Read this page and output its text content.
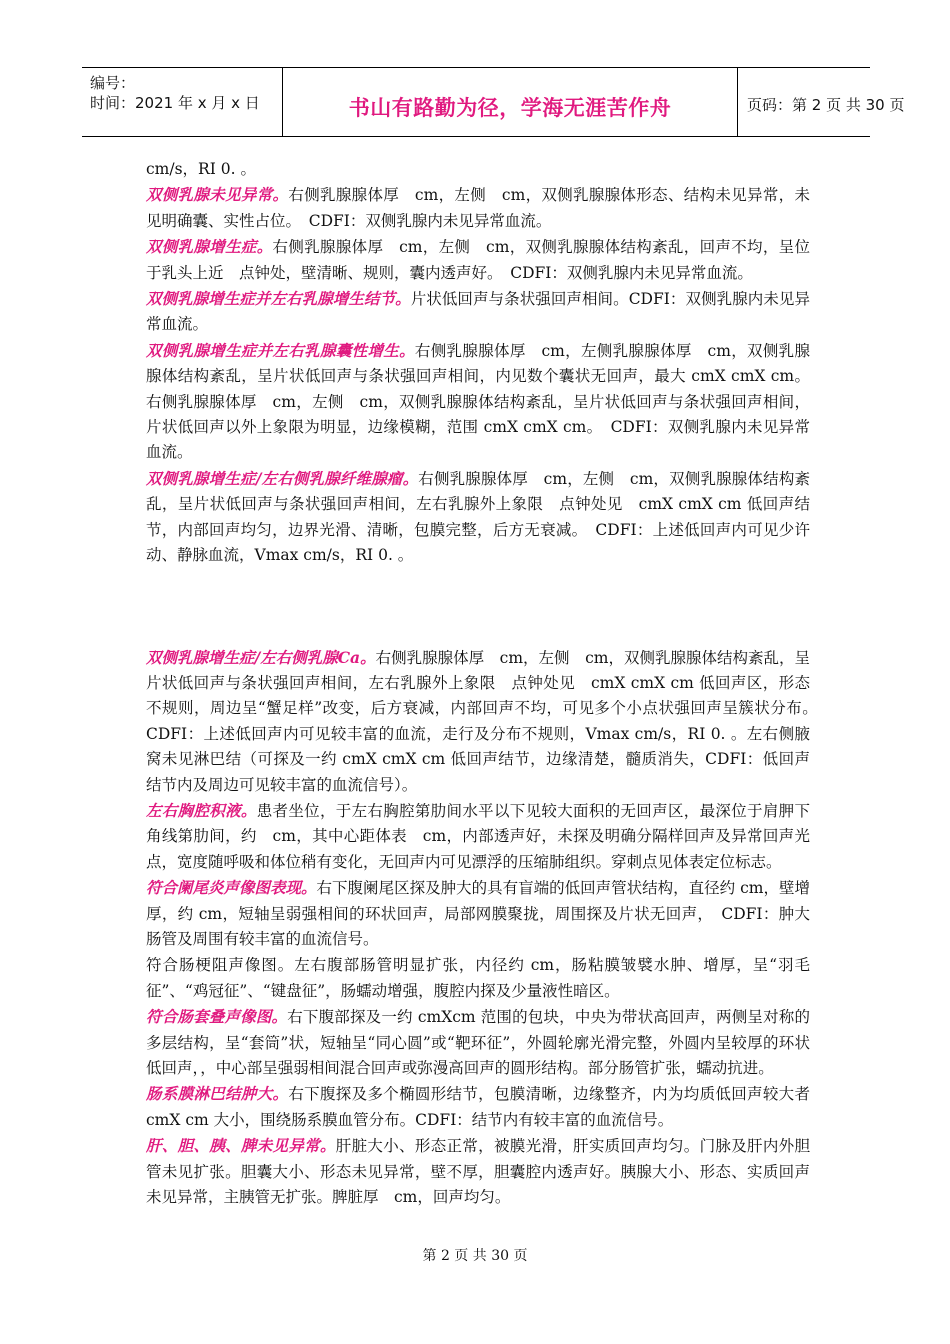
编号：
时间：2021 年 x 月 x 日	书山有路勤为径，学海无涯苦作舟	页码：第 2 页 共 30 页

cm/s，RI 0. 。

双侧乳腺未见异常。右侧乳腺腺体厚　cm，左侧　cm，双侧乳腺腺体形态、结构未见异常，未见明确囊、实性占位。　CDFI：双侧乳腺内未见异常血流。

双侧乳腺增生症。右侧乳腺腺体厚　cm，左侧　cm，双侧乳腺腺体结构紊乱，回声不均，呈位于乳头上近　点钟处，壁清晰、规则，囊内透声好。　CDFI：双侧乳腺内未见异常血流。

双侧乳腺增生症并左右乳腺增生结节。片状低回声与条状强回声相间。CDFI：双侧乳腺内未见异常血流。

双侧乳腺增生症并左右乳腺囊性增生。右侧乳腺腺体厚　cm，左侧乳腺腺体厚　cm，双侧乳腺腺体结构紊乱，呈片状低回声与条状强回声相间，内见数个囊状无回声，最大 cmX cmX cm。右侧乳腺腺体厚　cm，左侧　cm，双侧乳腺腺体结构紊乱，呈片状低回声与条状强回声相间，片状低回声以外上象限为明显，边缘模糊，范围 cmX cmX cm。　CDFI：双侧乳腺内未见异常血流。

双侧乳腺增生症/左右侧乳腺纤维腺瘤。右侧乳腺腺体厚　cm，左侧　cm，双侧乳腺腺体结构紊乱，呈片状低回声与条状强回声相间，左右乳腺外上象限　点钟处见　cmX cmX cm 低回声结节，内部回声均匀，边界光滑、清晰，包膜完整，后方无衰减。　CDFI：上述低回声内可见少许动、静脉血流，Vmax cm/s，RI 0. 。

双侧乳腺增生症/左右侧乳腺Ca。右侧乳腺腺体厚　cm，左侧　cm，双侧乳腺腺体结构紊乱，呈片状低回声与条状强回声相间，左右乳腺外上象限　点钟处见　cmX cmX cm 低回声区，形态不规则，周边呈“蟹足样”改变，后方衰减，内部回声不均，可见多个小点状强回声呈簇状分布。　CDFI：上述低回声内可见较丰富的血流，走行及分布不规则，Vmax cm/s，RI 0. 。左右侧腋窝未见淋巴结（可探及一约 cmX cmX cm 低回声结节，边缘清楚，髓质消失，CDFI：低回声结节内及周边可见较丰富的血流信号）。

左右胸腔积液。患者坐位，于左右胸腔第肋间水平以下见较大面积的无回声区，最深位于肩胛下角线第肋间，约　cm，其中心距体表　cm，内部透声好，未探及明确分隔样回声及异常回声光点，宽度随呼吸和体位稍有变化，无回声内可见漂浮的压缩肺组织。穿刺点见体表定位标志。

符合阑尾炎声像图表现。右下腹阑尾区探及肿大的具有盲端的低回声管状结构，直径约 cm，壁增厚，约 cm，短轴呈弱强相间的环状回声，局部网膜聚拢，周围探及片状无回声，　CDFI：肿大肠管及周围有较丰富的血流信号。

符合肠梗阻声像图。左右腹部肠管明显扩张，内径约 cm，肠粘膜皱襞水肿、增厚，呈“羽毛征”、“鸡冠征”、“键盘征”，肠蠕动增强，腹腔内探及少量液性暗区。

符合肠套叠声像图。右下腹部探及一约 cmXcm 范围的包块，中央为带状高回声，两侧呈对称的多层结构，呈“套筒”状，短轴呈“同心圆”或“靶环征”，外圆轮廓光滑完整，外圆内呈较厚的环状低回声，，中心部呈强弱相间混合回声或弥漫高回声的圆形结构。部分肠管扩张，蠕动抗进。

肠系膜淋巴结肿大。右下腹探及多个椭圆形结节，包膜清晰，边缘整齐，内为均质低回声较大者 cmX cm 大小，围绕肠系膜血管分布。CDFI：结节内有较丰富的血流信号。

肝、胆、胰、脾未见异常。肝脏大小、形态正常，被膜光滑，肝实质回声均匀。门脉及肝内外胆管未见扩张。胆囊大小、形态未见异常，壁不厚，胆囊腔内透声好。胰腺大小、形态、实质回声未见异常，主胰管无扩张。脾脏厚　cm，回声均匀。

第 2 页 共 30 页
